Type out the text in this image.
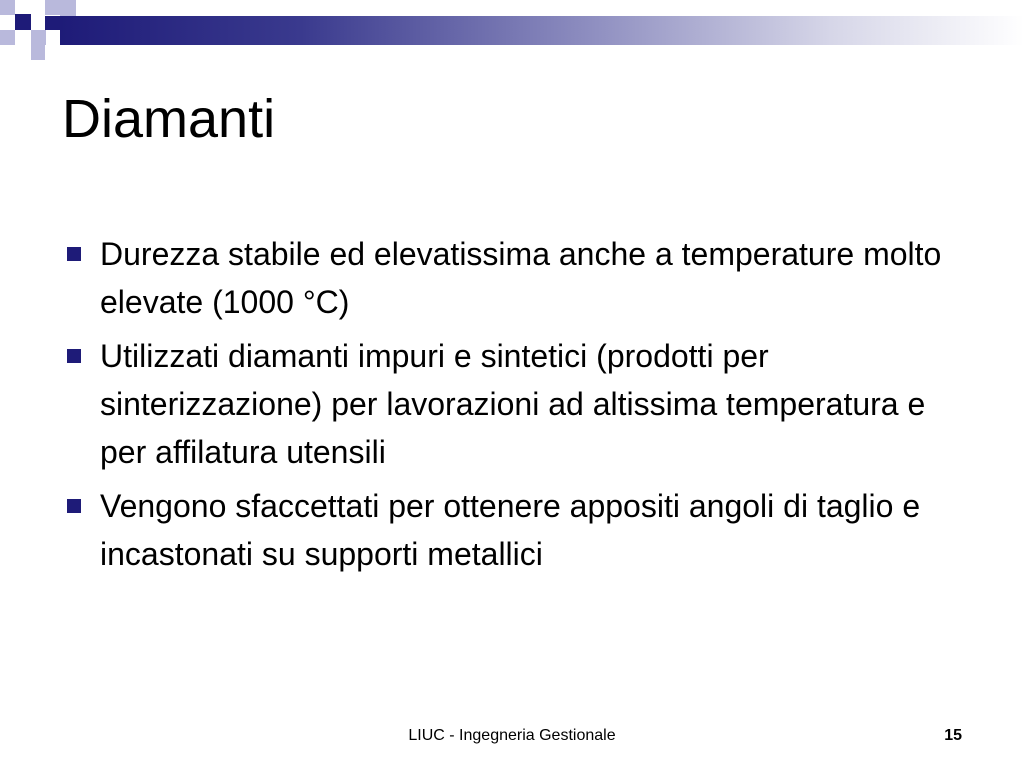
Diamanti
Durezza stabile ed elevatissima anche a temperature molto elevate (1000 °C)
Utilizzati diamanti impuri e sintetici (prodotti per sinterizzazione) per lavorazioni ad altissima temperatura e per affilatura utensili
Vengono sfaccettati per ottenere appositi angoli di taglio e incastonati su supporti metallici
LIUC - Ingegneria Gestionale	15
